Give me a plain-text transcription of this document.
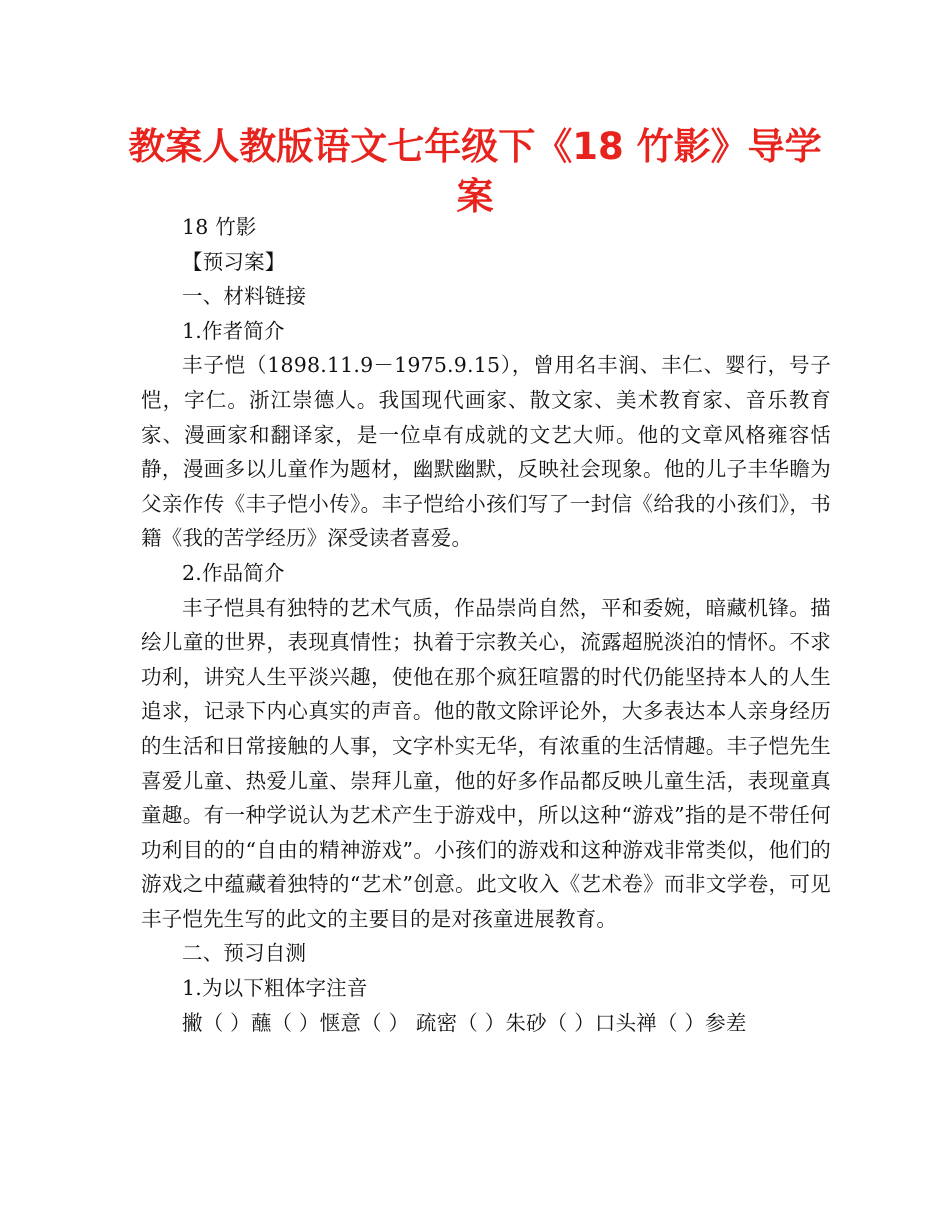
教案人教版语文七年级下《18 竹影》导学案

18 竹影

【预习案】

一、材料链接

1.作者简介

丰子恺（1898.11.9－1975.9.15），曾用名丰润、丰仁、婴行，号子恺，字仁。浙江崇德人。我国现代画家、散文家、美术教育家、音乐教育家、漫画家和翻译家，是一位卓有成就的文艺大师。他的文章风格雍容恬静，漫画多以儿童作为题材，幽默幽默，反映社会现象。他的儿子丰华瞻为父亲作传《丰子恺小传》。丰子恺给小孩们写了一封信《给我的小孩们》，书籍《我的苦学经历》深受读者喜爱。

2.作品简介

丰子恺具有独特的艺术气质，作品崇尚自然，平和委婉，暗藏机锋。描绘儿童的世界，表现真情性；执着于宗教关心，流露超脱淡泊的情怀。不求功利，讲究人生平淡兴趣，使他在那个疯狂喧嚣的时代仍能坚持本人的人生追求，记录下内心真实的声音。他的散文除评论外，大多表达本人亲身经历的生活和日常接触的人事，文字朴实无华，有浓重的生活情趣。丰子恺先生喜爱儿童、热爱儿童、崇拜儿童，他的好多作品都反映儿童生活，表现童真童趣。有一种学说认为艺术产生于游戏中，所以这种“游戏”指的是不带任何功利目的的“自由的精神游戏”。小孩们的游戏和这种游戏非常类似，他们的游戏之中蕴藏着独特的“艺术”创意。此文收入《艺术卷》而非文学卷，可见丰子恺先生写的此文的主要目的是对孩童进展教育。

二、预习自测

1.为以下粗体字注音

撇（ ）蘸（ ）惬意（ ） 疏密（ ）朱砂（ ）口头禅（ ）参差
